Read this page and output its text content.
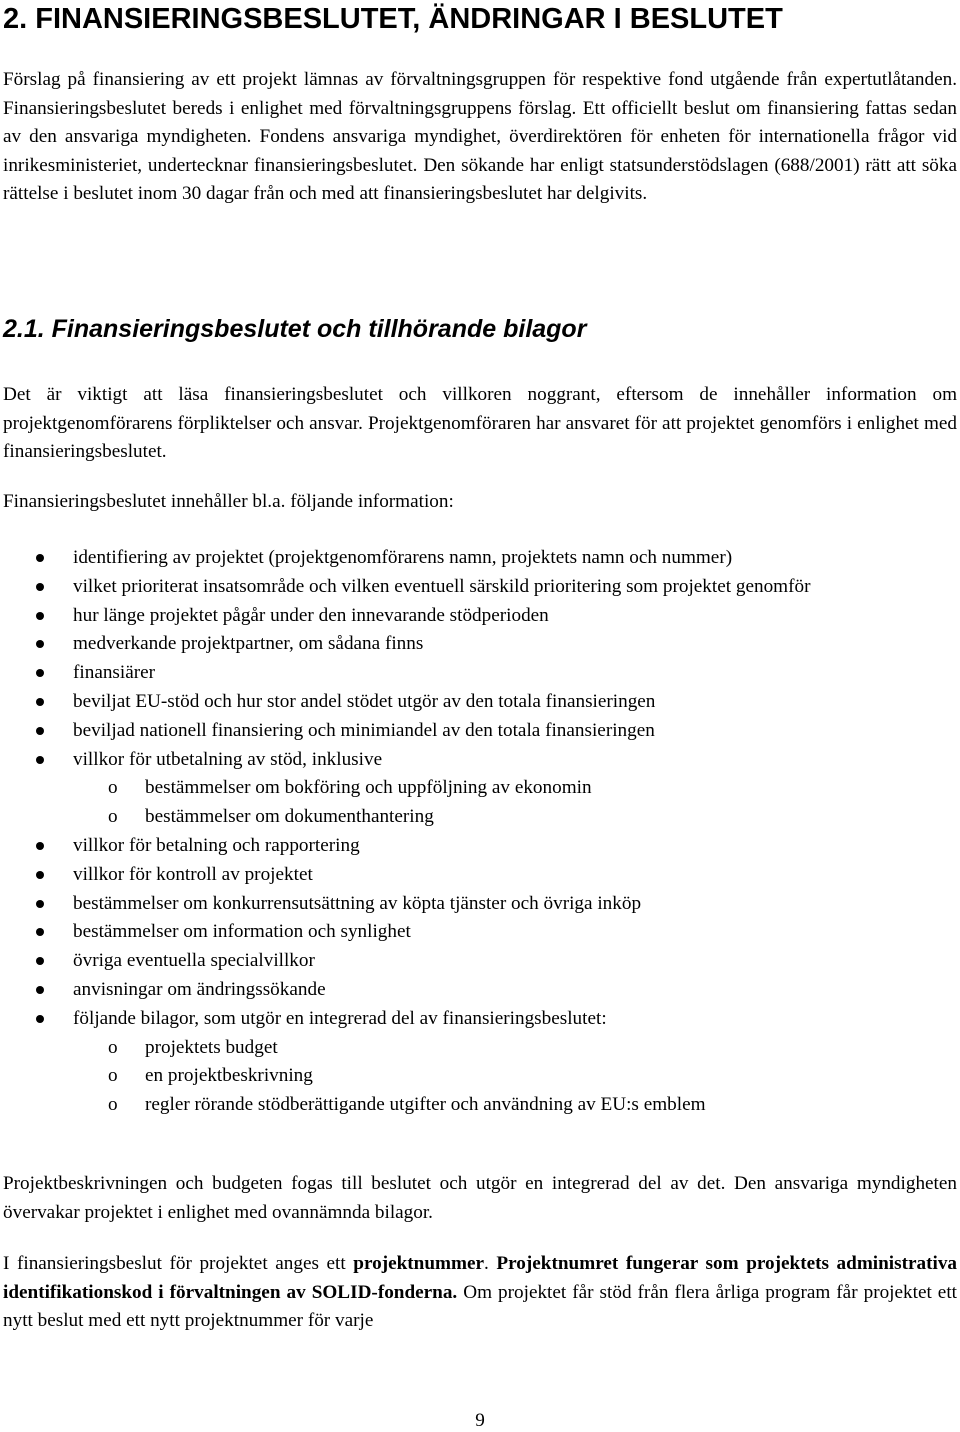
2. FINANSIERINGSBESLUTET, ÄNDRINGAR I BESLUTET

Förslag på finansiering av ett projekt lämnas av förvaltningsgruppen för respektive fond utgående från expertutlåtanden. Finansieringsbeslutet bereds i enlighet med förvaltningsgruppens förslag. Ett officiellt beslut om finansiering fattas sedan av den ansvariga myndigheten. Fondens ansvariga myndighet, överdirektören för enheten för internationella frågor vid inrikesministeriet, undertecknar finansieringsbeslutet. Den sökande har enligt statsunderstödslagen (688/2001) rätt att söka rättelse i beslutet inom 30 dagar från och med att finansieringsbeslutet har delgivits.

2.1. Finansieringsbeslutet och tillhörande bilagor

Det är viktigt att läsa finansieringsbeslutet och villkoren noggrant, eftersom de innehåller information om projektgenomförarens förpliktelser och ansvar. Projektgenomföraren har ansvaret för att projektet genomförs i enlighet med finansieringsbeslutet.

Finansieringsbeslutet innehåller bl.a. följande information:

identifiering av projektet (projektgenomförarens namn, projektets namn och nummer)
vilket prioriterat insatsområde och vilken eventuell särskild prioritering som projektet genomför
hur länge projektet pågår under den innevarande stödperioden
medverkande projektpartner, om sådana finns
finansiärer
beviljat EU-stöd och hur stor andel stödet utgör av den totala finansieringen
beviljad nationell finansiering och minimiandel av den totala finansieringen
villkor för utbetalning av stöd, inklusive
o bestämmelser om bokföring och uppföljning av ekonomin
o bestämmelser om dokumenthantering
villkor för betalning och rapportering
villkor för kontroll av projektet
bestämmelser om konkurrensutsättning av köpta tjänster och övriga inköp
bestämmelser om information och synlighet
övriga eventuella specialvillkor
anvisningar om ändringssökande
följande bilagor, som utgör en integrerad del av finansieringsbeslutet:
o projektets budget
o en projektbeskrivning
o regler rörande stödberättigande utgifter och användning av EU:s emblem

Projektbeskrivningen och budgeten fogas till beslutet och utgör en integrerad del av det. Den ansvariga myndigheten övervakar projektet i enlighet med ovannämnda bilagor.

I finansieringsbeslut för projektet anges ett projektnummer. Projektnumret fungerar som projektets administrativa identifikationskod i förvaltningen av SOLID-fonderna. Om projektet får stöd från flera årliga program får projektet ett nytt beslut med ett nytt projektnummer för varje

9
